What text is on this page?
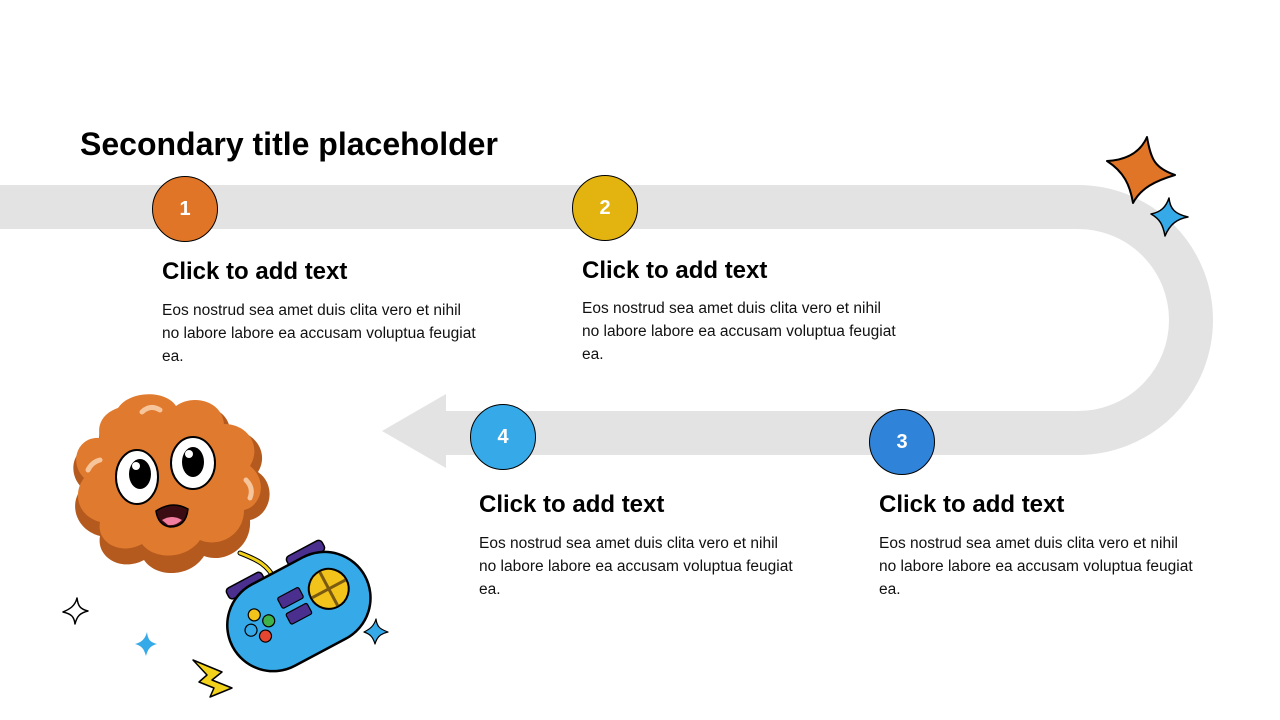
Secondary title placeholder
1
Click to add text

Eos nostrud sea amet duis clita vero et nihil no labore labore ea accusam voluptua feugiat ea.

2
Click to add text

Eos nostrud sea amet duis clita vero et nihil no labore labore ea accusam voluptua feugiat ea.

3
Click to add text

Eos nostrud sea amet duis clita vero et nihil no labore labore ea accusam voluptua feugiat ea.

4
Click to add text

Eos nostrud sea amet duis clita vero et nihil no labore labore ea accusam voluptua feugiat ea.
